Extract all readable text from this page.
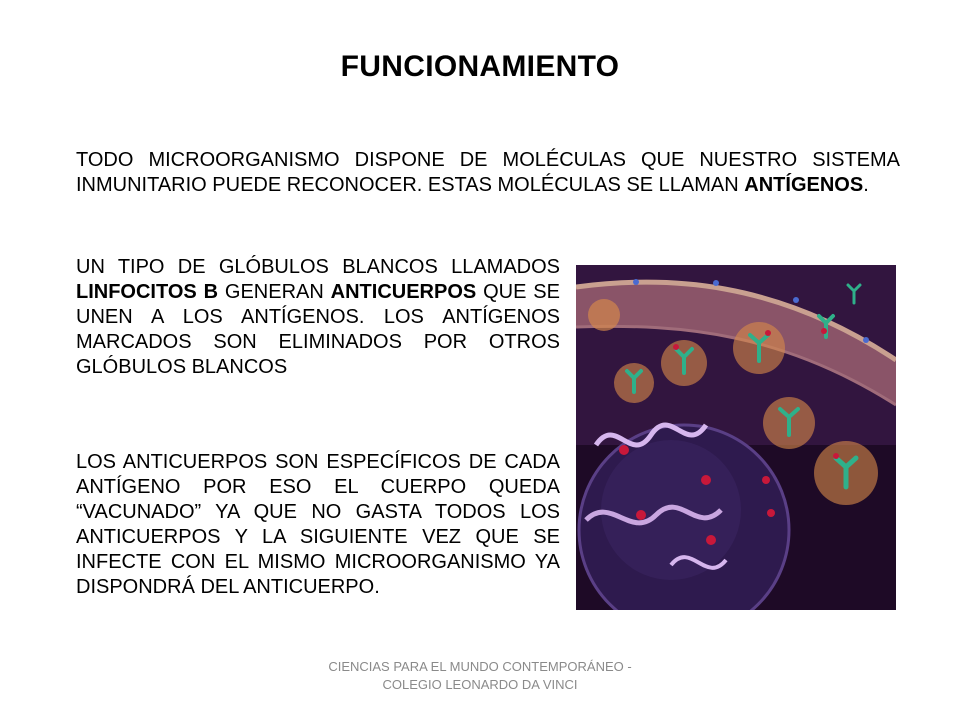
FUNCIONAMIENTO

TODO MICROORGANISMO DISPONE DE MOLÉCULAS QUE NUESTRO SISTEMA INMUNITARIO PUEDE RECONOCER. ESTAS MOLÉCULAS SE LLAMAN ANTÍGENOS.

UN TIPO DE GLÓBULOS BLANCOS LLAMADOS LINFOCITOS B GENERAN ANTICUERPOS QUE SE UNEN A LOS ANTÍGENOS. LOS ANTÍGENOS MARCADOS SON ELIMINADOS POR OTROS GLÓBULOS BLANCOS

LOS ANTICUERPOS SON ESPECÍFICOS DE CADA ANTÍGENO POR ESO EL CUERPO QUEDA “VACUNADO” YA QUE NO GASTA TODOS LOS ANTICUERPOS Y LA SIGUIENTE VEZ QUE SE INFECTE CON EL MISMO MICROORGANISMO YA DISPONDRÁ DEL ANTICUERPO.

CIENCIAS PARA EL MUNDO CONTEMPORÁNEO - COLEGIO LEONARDO DA VINCI
